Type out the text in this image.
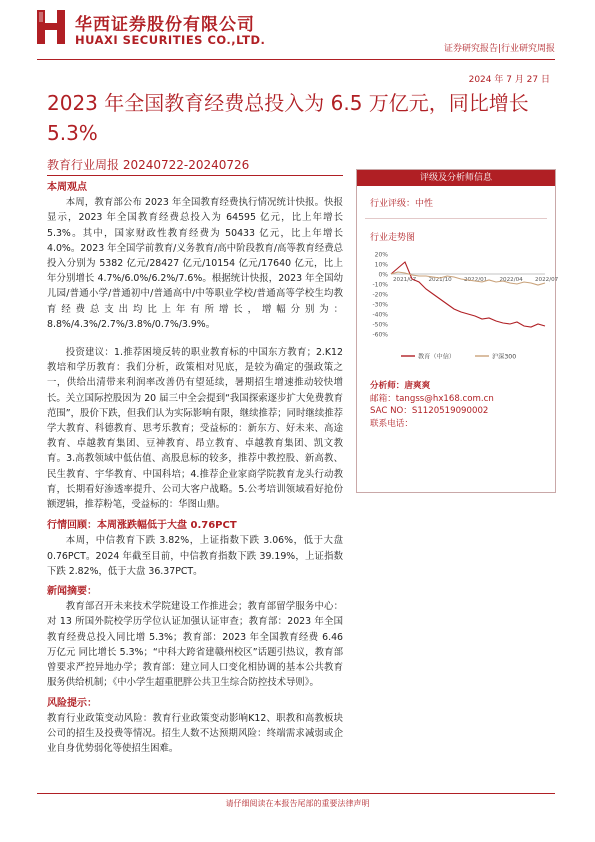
华西证券股份有限公司
HUAXI SECURITIES CO.,LTD.
证券研究报告|行业研究周报
2024 年 7 月 27 日
2023 年全国教育经费总投入为 6.5 万亿元，同比增长 5.3%
教育行业周报 20240722-20240726
本周观点

本周，教育部公布 2023 年全国教育经费执行情况统计快报。快报显示，2023 年全国教育经费总投入为 64595 亿元，比上年增长 5.3%。其中，国家财政性教育经费为 50433 亿元，比上年增长 4.0%。2023 年全国学前教育/义务教育/高中阶段教育/高等教育经费总投入分别为 5382 亿元/28427 亿元/10154 亿元/17640 亿元，比上年分别增长 4.7%/6.0%/6.2%/7.6%。根据统计快报，2023 年全国幼儿园/普通小学/普通初中/普通高中/中等职业学校/普通高等学校生均教育经费总支出均比上年有所增长，增幅分别为：8.8%/4.3%/2.7%/3.8%/0.7%/3.9%。

投资建议：1.推荐困境反转的职业教育标的中国东方教育；2.K12 教培和学历教育：我们分析，政策相对见底，是较为确定的强政策之一，供给出清带来利润率改善仍有望延续，暑期招生增速推动较快增长。关立国际控股因为 20 届三中全会提到“我国探索逐步扩大免费教育范围”，股价下跌，但我们认为实际影响有限，继续推荐；同时继续推荐学大教育、科德教育、思考乐教育；受益标的：新东方、好未来、高途教育、卓越教育集团、豆神教育、昂立教育、卓越教育集团、凯文教育。3.高教领域中低估值、高股息标的较多，推荐中教控股、新高教、民生教育、宇华教育、中国科培；4.推荐企业家商学院教育龙头行动教育，长期看好渗透率提升、公司大客户战略。5.公考培训领域看好抢份额逻辑，推荐粉笔，受益标的：华图山鼎。

行情回顾：本周涨跌幅低于大盘 0.76PCT

本周，中信教育下跌 3.82%，上证指数下跌 3.06%，低于大盘 0.76PCT。2024 年截至目前，中信教育指数下跌 39.19%，上证指数下跌 2.82%，低于大盘 36.37PCT。

新闻摘要：

教育部召开未来技术学院建设工作推进会；教育部留学服务中心：对 13 所国外院校学历学位认证加强认证审查；教育部：2023 年全国教育经费总投入同比增 5.3%；教育部：2023 年全国教育经费 6.46 万亿元 同比增长 5.3%；“中科大跨省建赣州校区”话题引热议，教育部曾要求严控异地办学；教育部：建立同人口变化相协调的基本公共教育服务供给机制；《中小学生超重肥胖公共卫生综合防控技术导则》。

风险提示：

教育行业政策变动风险：教育行业政策变动影响K12、职教和高教板块公司的招生及投费等情况。招生人数不达预期风险：终端需求减弱或企业自身优势弱化等使招生困难。

评级及分析师信息
行业评级：中性
行业走势图
20%
10%
0%
-10%
-20%
-30%
-40%
-50%
-60%
2021/07 2021/10 2022/01 2022/04 2022/07
教育（中信）	沪深300
分析师：唐爽爽
邮箱：tangss@hx168.com.cn
SAC NO：S1120519090002
联系电话：
请仔细阅读在本报告尾部的重要法律声明
